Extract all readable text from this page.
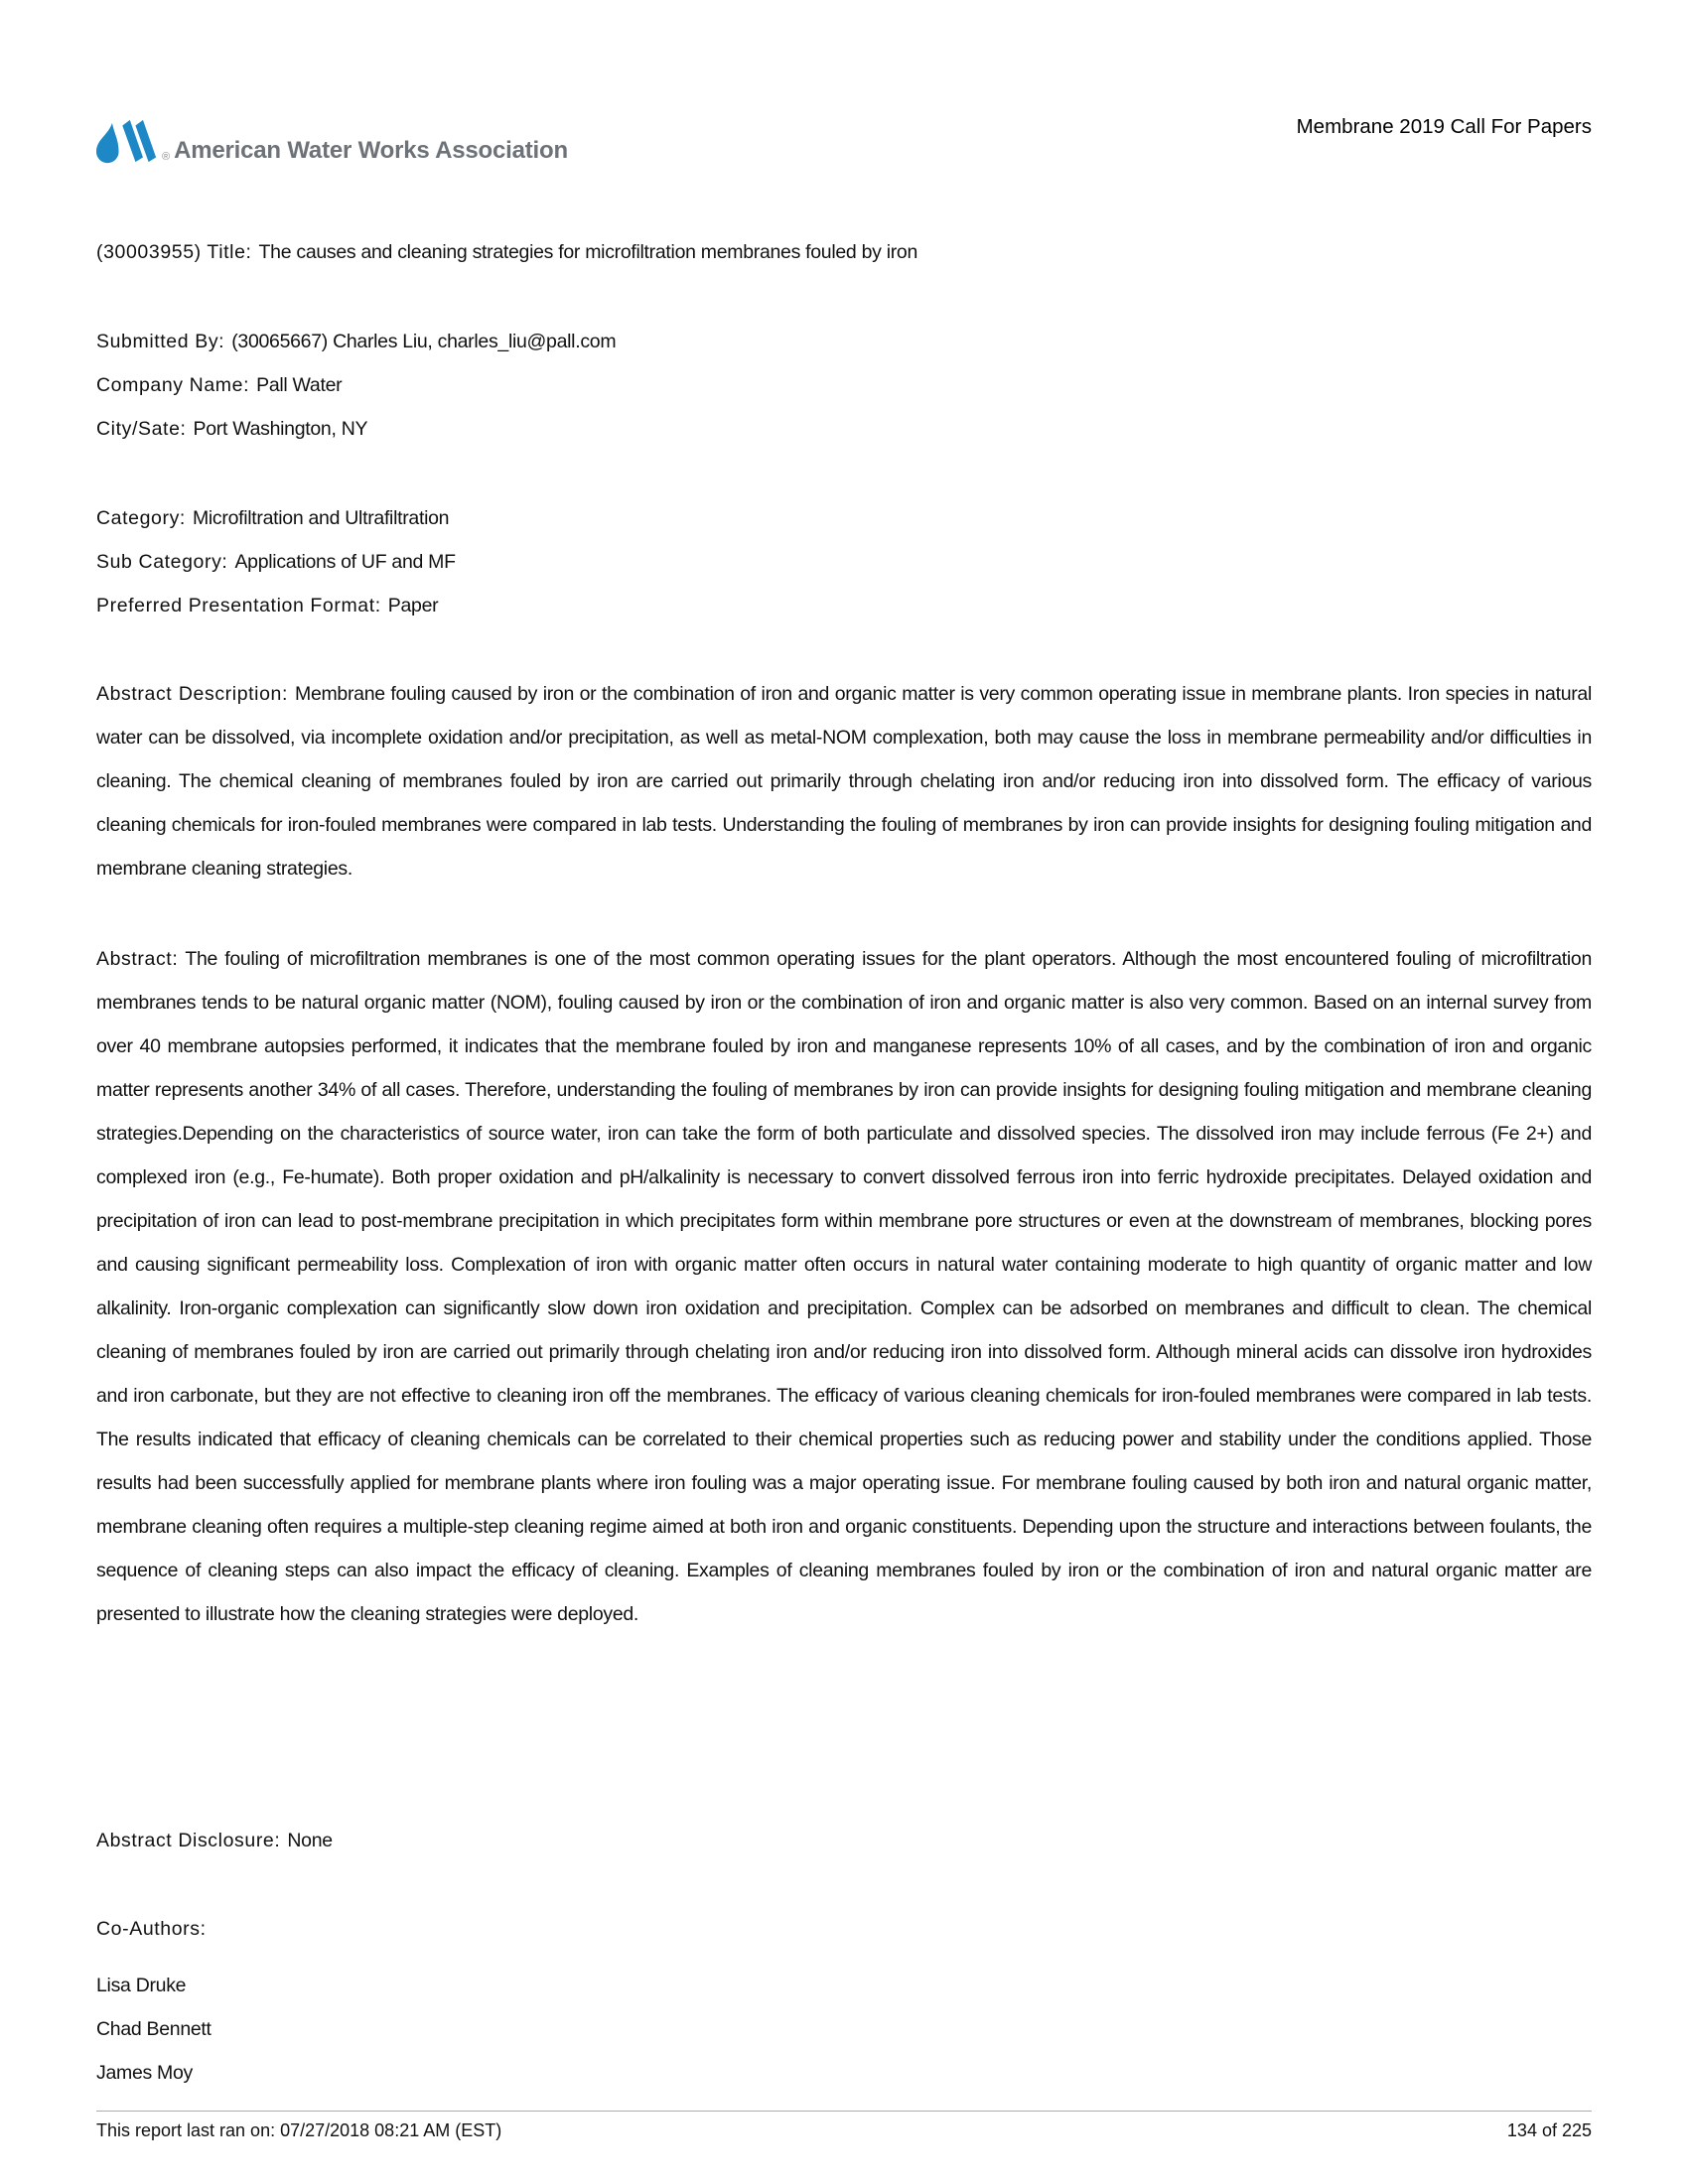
® American Water Works Association
Membrane 2019 Call For Papers
(30003955) Title: The causes and cleaning strategies for microfiltration membranes fouled by iron
Submitted By: (30065667) Charles Liu, charles_liu@pall.com
Company Name: Pall Water
City/Sate: Port Washington, NY
Category: Microfiltration and Ultrafiltration
Sub Category: Applications of UF and MF
Preferred Presentation Format: Paper
Abstract Description: Membrane fouling caused by iron or the combination of iron and organic matter is very common operating issue in membrane plants. Iron species in natural water can be dissolved, via incomplete oxidation and/or precipitation, as well as metal-NOM complexation, both may cause the loss in membrane permeability and/or difficulties in cleaning. The chemical cleaning of membranes fouled by iron are carried out primarily through chelating iron and/or reducing iron into dissolved form. The efficacy of various cleaning chemicals for iron-fouled membranes were compared in lab tests. Understanding the fouling of membranes by iron can provide insights for designing fouling mitigation and membrane cleaning strategies.
Abstract: The fouling of microfiltration membranes is one of the most common operating issues for the plant operators. Although the most encountered fouling of microfiltration membranes tends to be natural organic matter (NOM), fouling caused by iron or the combination of iron and organic matter is also very common. Based on an internal survey from over 40 membrane autopsies performed, it indicates that the membrane fouled by iron and manganese represents 10% of all cases, and by the combination of iron and organic matter represents another 34% of all cases. Therefore, understanding the fouling of membranes by iron can provide insights for designing fouling mitigation and membrane cleaning strategies.Depending on the characteristics of source water, iron can take the form of both particulate and dissolved species. The dissolved iron may include ferrous (Fe 2+) and complexed iron (e.g., Fe-humate). Both proper oxidation and pH/alkalinity is necessary to convert dissolved ferrous iron into ferric hydroxide precipitates. Delayed oxidation and precipitation of iron can lead to post-membrane precipitation in which precipitates form within membrane pore structures or even at the downstream of membranes, blocking pores and causing significant permeability loss. Complexation of iron with organic matter often occurs in natural water containing moderate to high quantity of organic matter and low alkalinity. Iron-organic complexation can significantly slow down iron oxidation and precipitation. Complex can be adsorbed on membranes and difficult to clean. The chemical cleaning of membranes fouled by iron are carried out primarily through chelating iron and/or reducing iron into dissolved form. Although mineral acids can dissolve iron hydroxides and iron carbonate, but they are not effective to cleaning iron off the membranes. The efficacy of various cleaning chemicals for iron-fouled membranes were compared in lab tests. The results indicated that efficacy of cleaning chemicals can be correlated to their chemical properties such as reducing power and stability under the conditions applied. Those results had been successfully applied for membrane plants where iron fouling was a major operating issue. For membrane fouling caused by both iron and natural organic matter, membrane cleaning often requires a multiple-step cleaning regime aimed at both iron and organic constituents. Depending upon the structure and interactions between foulants, the sequence of cleaning steps can also impact the efficacy of cleaning. Examples of cleaning membranes fouled by iron or the combination of iron and natural organic matter are presented to illustrate how the cleaning strategies were deployed.
Abstract Disclosure: None
Co-Authors:
Lisa Druke
Chad Bennett
James Moy
This report last ran on: 07/27/2018 08:21 AM (EST)	134 of 225
